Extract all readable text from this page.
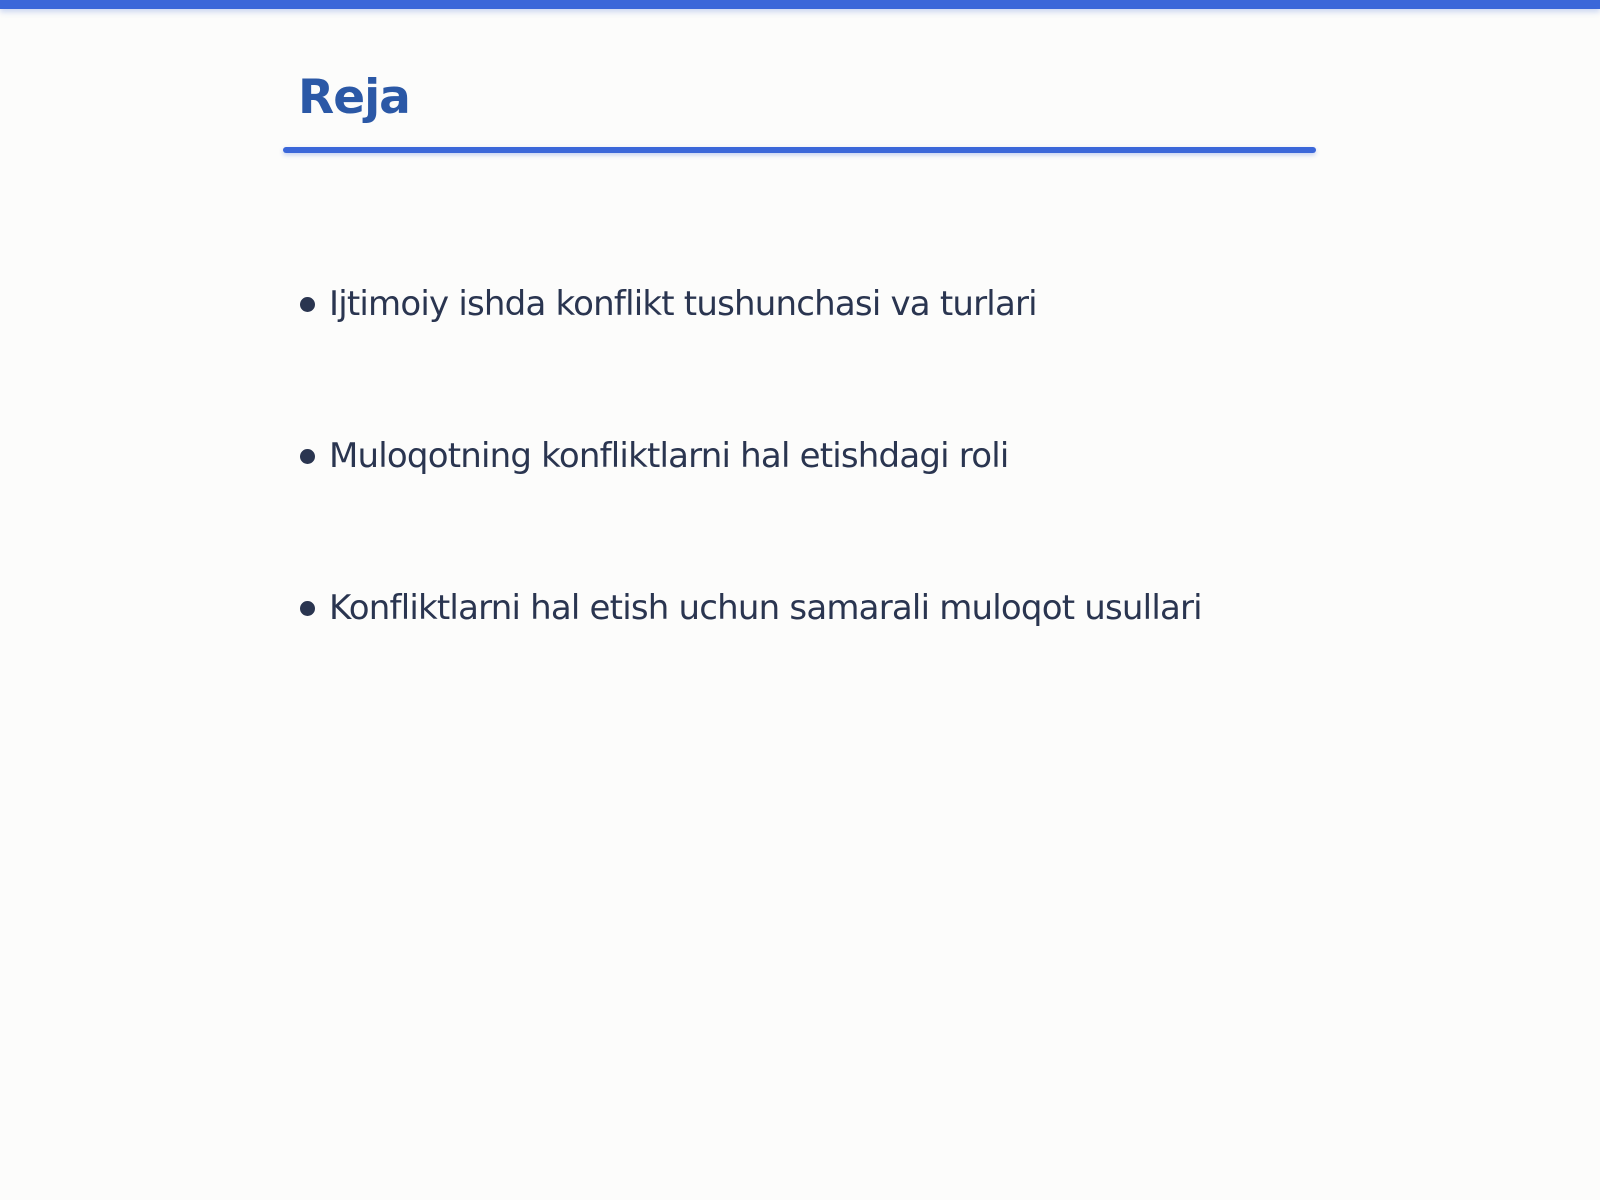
Reja
Ijtimoiy ishda konflikt tushunchasi va turlari
Muloqotning konfliktlarni hal etishdagi roli
Konfliktlarni hal etish uchun samarali muloqot usullari
